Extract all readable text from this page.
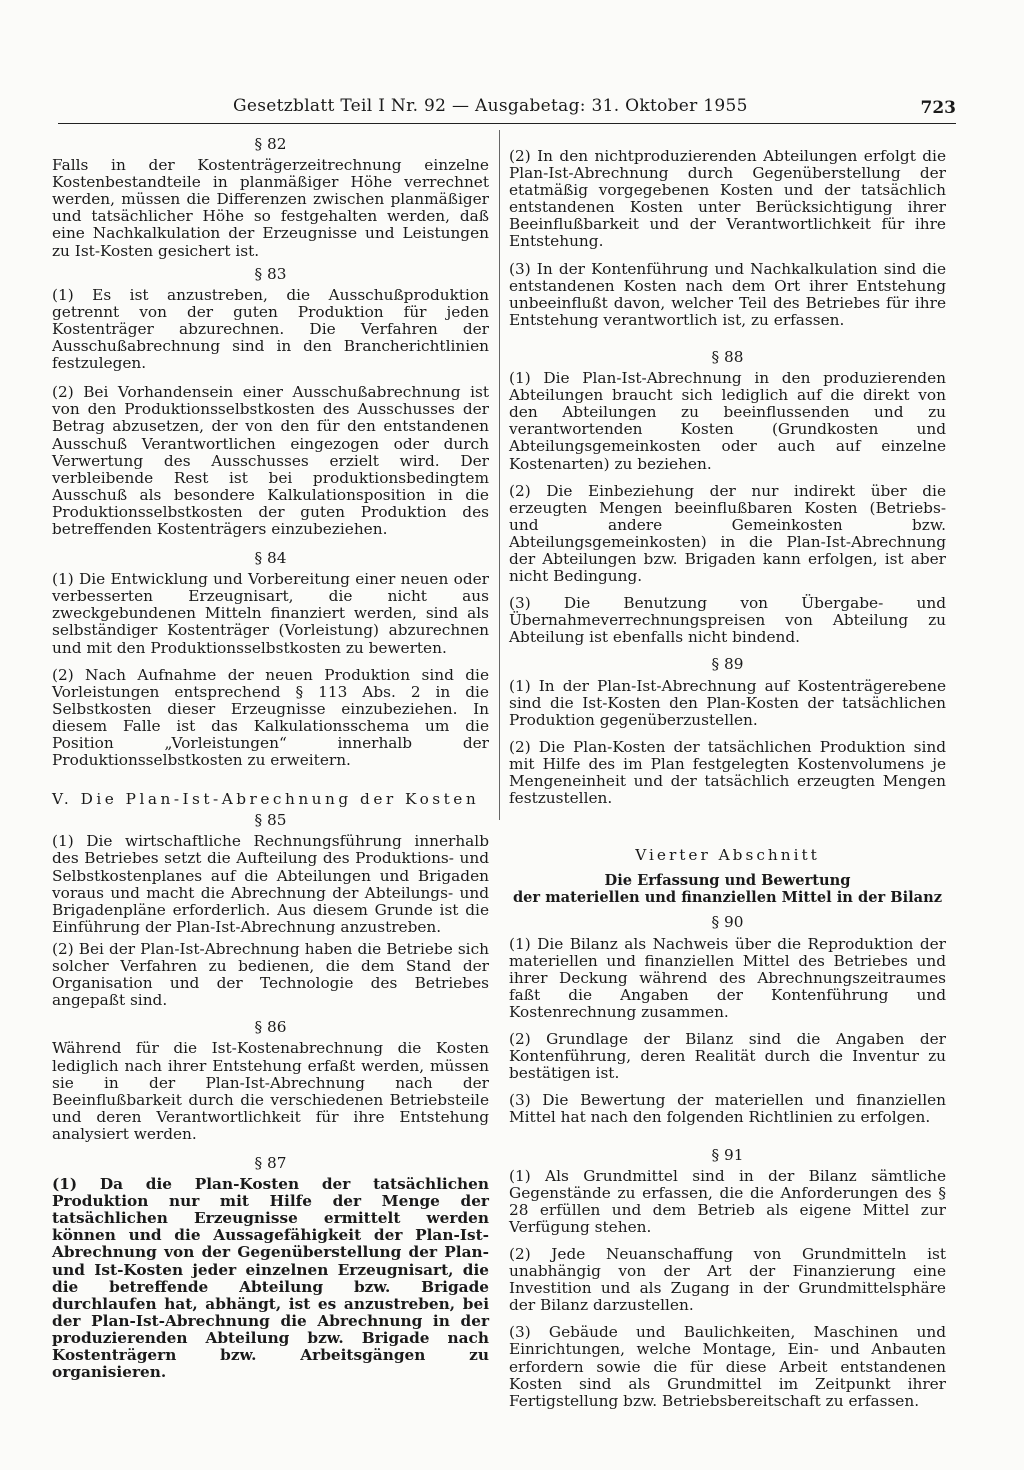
Gesetzblatt Teil I Nr. 92 — Ausgabetag: 31. Oktober 1955	723
§ 82

Falls in der Kostenträgerzeitrechnung einzelne Kostenbestandteile in planmäßiger Höhe verrechnet werden, müssen die Differenzen zwischen planmäßiger und tatsächlicher Höhe so festgehalten werden, daß eine Nachkalkulation der Erzeugnisse und Leistungen zu Ist-Kosten gesichert ist.

§ 83

(1) Es ist anzustreben, die Ausschußproduktion getrennt von der guten Produktion für jeden Kostenträger abzurechnen. Die Verfahren der Ausschußabrechnung sind in den Brancherichtlinien festzulegen.

(2) Bei Vorhandensein einer Ausschußabrechnung ist von den Produktionsselbstkosten des Ausschusses der Betrag abzusetzen, der von den für den entstandenen Ausschuß Verantwortlichen eingezogen oder durch Verwertung des Ausschusses erzielt wird. Der verbleibende Rest ist bei produktionsbedingtem Ausschuß als besondere Kalkulationsposition in die Produktionsselbstkosten der guten Produktion des betreffenden Kostenträgers einzubeziehen.

§ 84

(1) Die Entwicklung und Vorbereitung einer neuen oder verbesserten Erzeugnisart, die nicht aus zweckgebundenen Mitteln finanziert werden, sind als selbständiger Kostenträger (Vorleistung) abzurechnen und mit den Produktionsselbstkosten zu bewerten.

(2) Nach Aufnahme der neuen Produktion sind die Vorleistungen entsprechend § 113 Abs. 2 in die Selbstkosten dieser Erzeugnisse einzubeziehen. In diesem Falle ist das Kalkulationsschema um die Position „Vorleistungen“ innerhalb der Produktionsselbstkosten zu erweitern.

V. Die Plan-Ist-Abrechnung der Kosten
§ 85

(1) Die wirtschaftliche Rechnungsführung innerhalb des Betriebes setzt die Aufteilung des Produktions- und Selbstkostenplanes auf die Abteilungen und Brigaden voraus und macht die Abrechnung der Abteilungs- und Brigadenpläne erforderlich. Aus diesem Grunde ist die Einführung der Plan-Ist-Abrechnung anzustreben.

(2) Bei der Plan-Ist-Abrechnung haben die Betriebe sich solcher Verfahren zu bedienen, die dem Stand der Organisation und der Technologie des Betriebes angepaßt sind.

§ 86

Während für die Ist-Kostenabrechnung die Kosten lediglich nach ihrer Entstehung erfaßt werden, müssen sie in der Plan-Ist-Abrechnung nach der Beeinflußbarkeit durch die verschiedenen Betriebsteile und deren Verantwortlichkeit für ihre Entstehung analysiert werden.

§ 87

(1) Da die Plan-Kosten der tatsächlichen Produktion nur mit Hilfe der Menge der tatsächlichen Erzeugnisse ermittelt werden können und die Aussagefähigkeit der Plan-Ist-Abrechnung von der Gegenüberstellung der Plan- und Ist-Kosten jeder einzelnen Erzeugnisart, die die betreffende Abteilung bzw. Brigade durchlaufen hat, abhängt, ist es anzustreben, bei der Plan-Ist-Abrechnung die Abrechnung in der produzierenden Abteilung bzw. Brigade nach Kostenträgern bzw. Arbeitsgängen zu organisieren.

(2) In den nichtproduzierenden Abteilungen erfolgt die Plan-Ist-Abrechnung durch Gegenüberstellung der etatmäßig vorgegebenen Kosten und der tatsächlich entstandenen Kosten unter Berücksichtigung ihrer Beeinflußbarkeit und der Verantwortlichkeit für ihre Entstehung.

(3) In der Kontenführung und Nachkalkulation sind die entstandenen Kosten nach dem Ort ihrer Entstehung unbeeinflußt davon, welcher Teil des Betriebes für ihre Entstehung verantwortlich ist, zu erfassen.

§ 88

(1) Die Plan-Ist-Abrechnung in den produzierenden Abteilungen braucht sich lediglich auf die direkt von den Abteilungen zu beeinflussenden und zu verantwortenden Kosten (Grundkosten und Abteilungsgemeinkosten oder auch auf einzelne Kostenarten) zu beziehen.

(2) Die Einbeziehung der nur indirekt über die erzeugten Mengen beeinflußbaren Kosten (Betriebs- und andere Gemeinkosten bzw. Abteilungsgemeinkosten) in die Plan-Ist-Abrechnung der Abteilungen bzw. Brigaden kann erfolgen, ist aber nicht Bedingung.

(3) Die Benutzung von Übergabe- und Übernahmeverrechnungspreisen von Abteilung zu Abteilung ist ebenfalls nicht bindend.

§ 89

(1) In der Plan-Ist-Abrechnung auf Kostenträgerebene sind die Ist-Kosten den Plan-Kosten der tatsächlichen Produktion gegenüberzustellen.

(2) Die Plan-Kosten der tatsächlichen Produktion sind mit Hilfe des im Plan festgelegten Kostenvolumens je Mengeneinheit und der tatsächlich erzeugten Mengen festzustellen.

Vierter Abschnitt

Die Erfassung und Bewertung

der materiellen und finanziellen Mittel in der Bilanz

§ 90

(1) Die Bilanz als Nachweis über die Reproduktion der materiellen und finanziellen Mittel des Betriebes und ihrer Deckung während des Abrechnungszeitraumes faßt die Angaben der Kontenführung und Kostenrechnung zusammen.

(2) Grundlage der Bilanz sind die Angaben der Kontenführung, deren Realität durch die Inventur zu bestätigen ist.

(3) Die Bewertung der materiellen und finanziellen Mittel hat nach den folgenden Richtlinien zu erfolgen.

§ 91

(1) Als Grundmittel sind in der Bilanz sämtliche Gegenstände zu erfassen, die die Anforderungen des § 28 erfüllen und dem Betrieb als eigene Mittel zur Verfügung stehen.

(2) Jede Neuanschaffung von Grundmitteln ist unabhängig von der Art der Finanzierung eine Investition und als Zugang in der Grundmittelsphäre der Bilanz darzustellen.

(3) Gebäude und Baulichkeiten, Maschinen und Einrichtungen, welche Montage, Ein- und Anbauten erfordern sowie die für diese Arbeit entstandenen Kosten sind als Grundmittel im Zeitpunkt ihrer Fertigstellung bzw. Betriebsbereitschaft zu erfassen.
